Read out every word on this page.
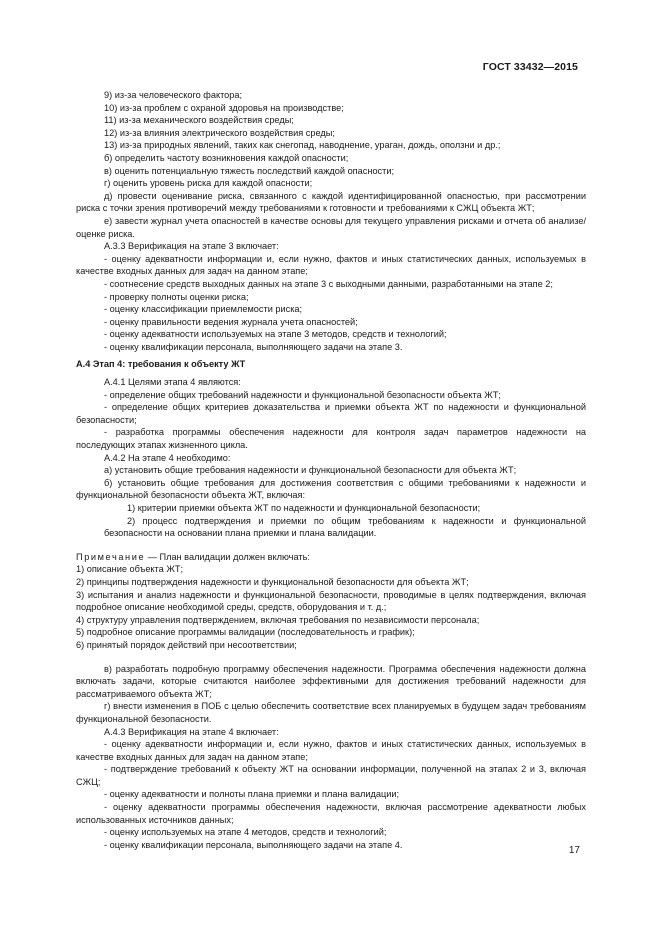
ГОСТ 33432—2015

9) из-за человеческого фактора;

10) из-за проблем с охраной здоровья на производстве;

11) из-за механического воздействия среды;

12) из-за влияния электрического воздействия среды;

13) из-за природных явлений, таких как снегопад, наводнение, ураган, дождь, оползни и др.;

б) определить частоту возникновения каждой опасности;

в) оценить потенциальную тяжесть последствий каждой опасности;

г) оценить уровень риска для каждой опасности;

д) провести оценивание риска, связанного с каждой идентифицированной опасностью, при рассмотрении риска с точки зрения противоречий между требованиями к готовности и требованиями к СЖЦ объекта ЖТ;

е) завести журнал учета опасностей в качестве основы для текущего управления рисками и отчета об анализе/оценке риска.

А.3.3 Верификация на этапе 3 включает:

- оценку адекватности информации и, если нужно, фактов и иных статистических данных, используемых в качестве входных данных для задач на данном этапе;

- соотнесение средств выходных данных на этапе 3 с выходными данными, разработанными на этапе 2;

- проверку полноты оценки риска;

- оценку классификации приемлемости риска;

- оценку правильности ведения журнала учета опасностей;

- оценку адекватности используемых на этапе 3 методов, средств и технологий;

- оценку квалификации персонала, выполняющего задачи на этапе 3.

А.4 Этап 4: требования к объекту ЖТ

А.4.1 Целями этапа 4 являются:

- определение общих требований надежности и функциональной безопасности объекта ЖТ;

- определение общих критериев доказательства и приемки объекта ЖТ по надежности и функциональной безопасности;

- разработка программы обеспечения надежности для контроля задач параметров надежности на последующих этапах жизненного цикла.

А.4.2 На этапе 4 необходимо:

а) установить общие требования надежности и функциональной безопасности для объекта ЖТ;

б) установить общие требования для достижения соответствия с общими требованиями к надежности и функциональной безопасности объекта ЖТ, включая:

1) критерии приемки объекта ЖТ по надежности и функциональной безопасности;

2) процесс подтверждения и приемки по общим требованиям к надежности и функциональной безопасности на основании плана приемки и плана валидации.

Примечание — План валидации должен включать:

1) описание объекта ЖТ;

2) принципы подтверждения надежности и функциональной безопасности для объекта ЖТ;

3) испытания и анализ надежности и функциональной безопасности, проводимые в целях подтверждения, включая подробное описание необходимой среды, средств, оборудования и т. д.;

4) структуру управления подтверждением, включая требования по независимости персонала;

5) подробное описание программы валидации (последовательность и график);

6) принятый порядок действий при несоответствии;

в) разработать подробную программу обеспечения надежности. Программа обеспечения надежности должна включать задачи, которые считаются наиболее эффективными для достижения требований надежности для рассматриваемого объекта ЖТ;

г) внести изменения в ПОБ с целью обеспечить соответствие всех планируемых в будущем задач требованиям функциональной безопасности.

А.4.3 Верификация на этапе 4 включает:

- оценку адекватности информации и, если нужно, фактов и иных статистических данных, используемых в качестве входных данных для задач на данном этапе;

- подтверждение требований к объекту ЖТ на основании информации, полученной на этапах 2 и 3, включая СЖЦ;

- оценку адекватности и полноты плана приемки и плана валидации;

- оценку адекватности программы обеспечения надежности, включая рассмотрение адекватности любых использованных источников данных;

- оценку используемых на этапе 4 методов, средств и технологий;

- оценку квалификации персонала, выполняющего задачи на этапе 4.

17
